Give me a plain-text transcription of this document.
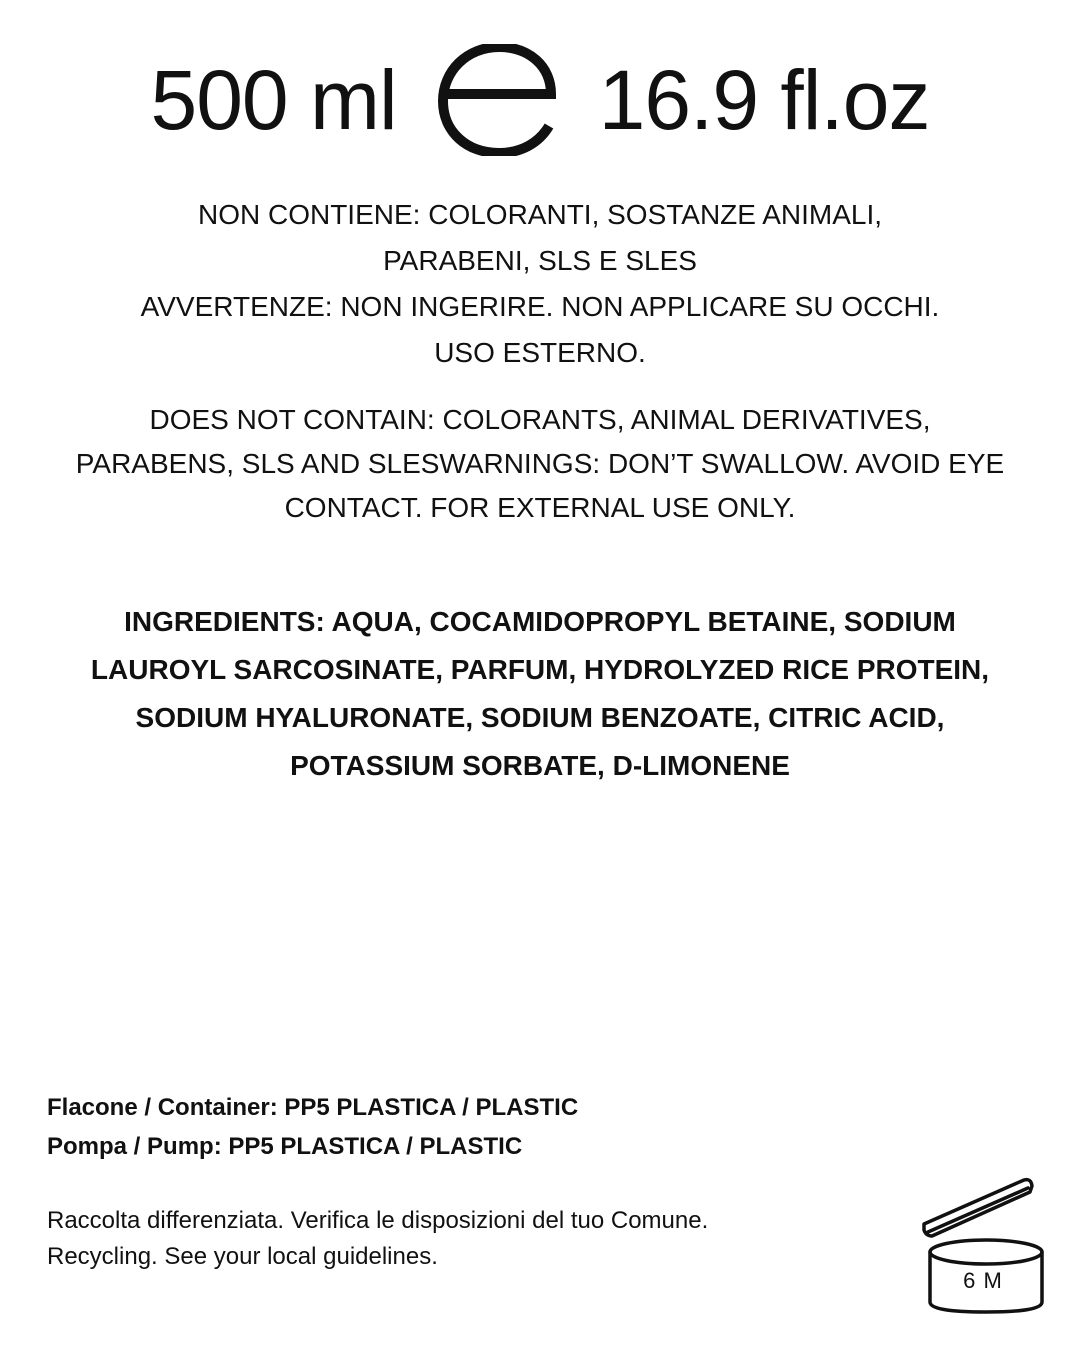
500 ml 16.9 fl.oz
NON CONTIENE: COLORANTI, SOSTANZE ANIMALI,
PARABENI, SLS E SLES
AVVERTENZE: NON INGERIRE. NON APPLICARE SU OCCHI.
USO ESTERNO.
DOES NOT CONTAIN: COLORANTS, ANIMAL DERIVATIVES,
PARABENS, SLS AND SLESWARNINGS: DON’T SWALLOW. AVOID EYE
CONTACT. FOR EXTERNAL USE ONLY.
INGREDIENTS: AQUA, COCAMIDOPROPYL BETAINE, SODIUM
LAUROYL SARCOSINATE, PARFUM, HYDROLYZED RICE PROTEIN,
SODIUM HYALURONATE, SODIUM BENZOATE, CITRIC ACID,
POTASSIUM SORBATE, D-LIMONENE
Flacone / Container: PP5 PLASTICA / PLASTIC
Pompa / Pump: PP5 PLASTICA / PLASTIC
Raccolta differenziata. Verifica le disposizioni del tuo Comune.
Recycling. See your local guidelines.
6 M
